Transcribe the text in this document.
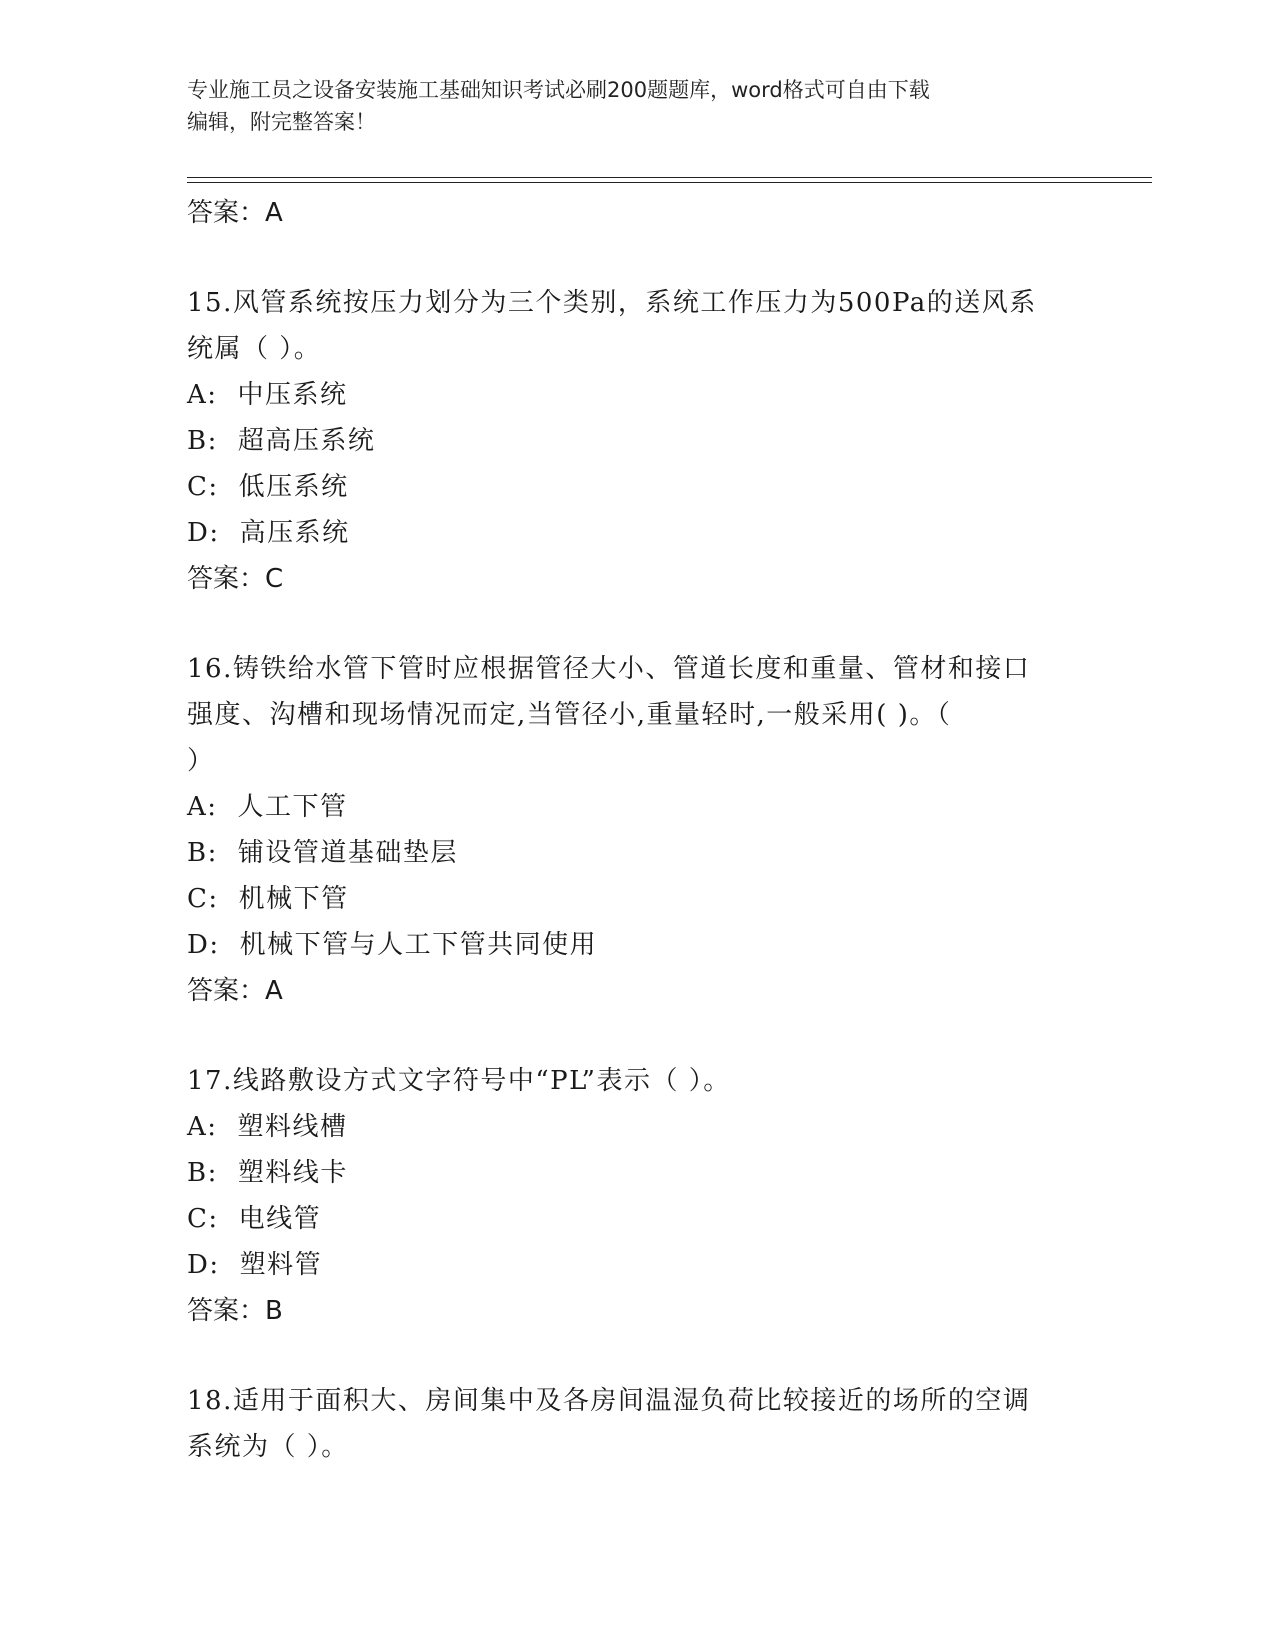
专业施工员之设备安装施工基础知识考试必刷200题题库，word格式可自由下载
编辑，附完整答案！
答案：A
15.风管系统按压力划分为三个类别，系统工作压力为500Pa的送风系
统属（ ）。
A: 中压系统
B: 超高压系统
C: 低压系统
D: 高压系统
答案：C
16.铸铁给水管下管时应根据管径大小、管道长度和重量、管材和接口
强度、沟槽和现场情况而定,当管径小,重量轻时,一般采用( )。（
）
A: 人工下管
B: 铺设管道基础垫层
C: 机械下管
D: 机械下管与人工下管共同使用
答案：A
17.线路敷设方式文字符号中“PL”表示（ ）。
A: 塑料线槽
B: 塑料线卡
C: 电线管
D: 塑料管
答案：B
18.适用于面积大、房间集中及各房间温湿负荷比较接近的场所的空调
系统为（ ）。
